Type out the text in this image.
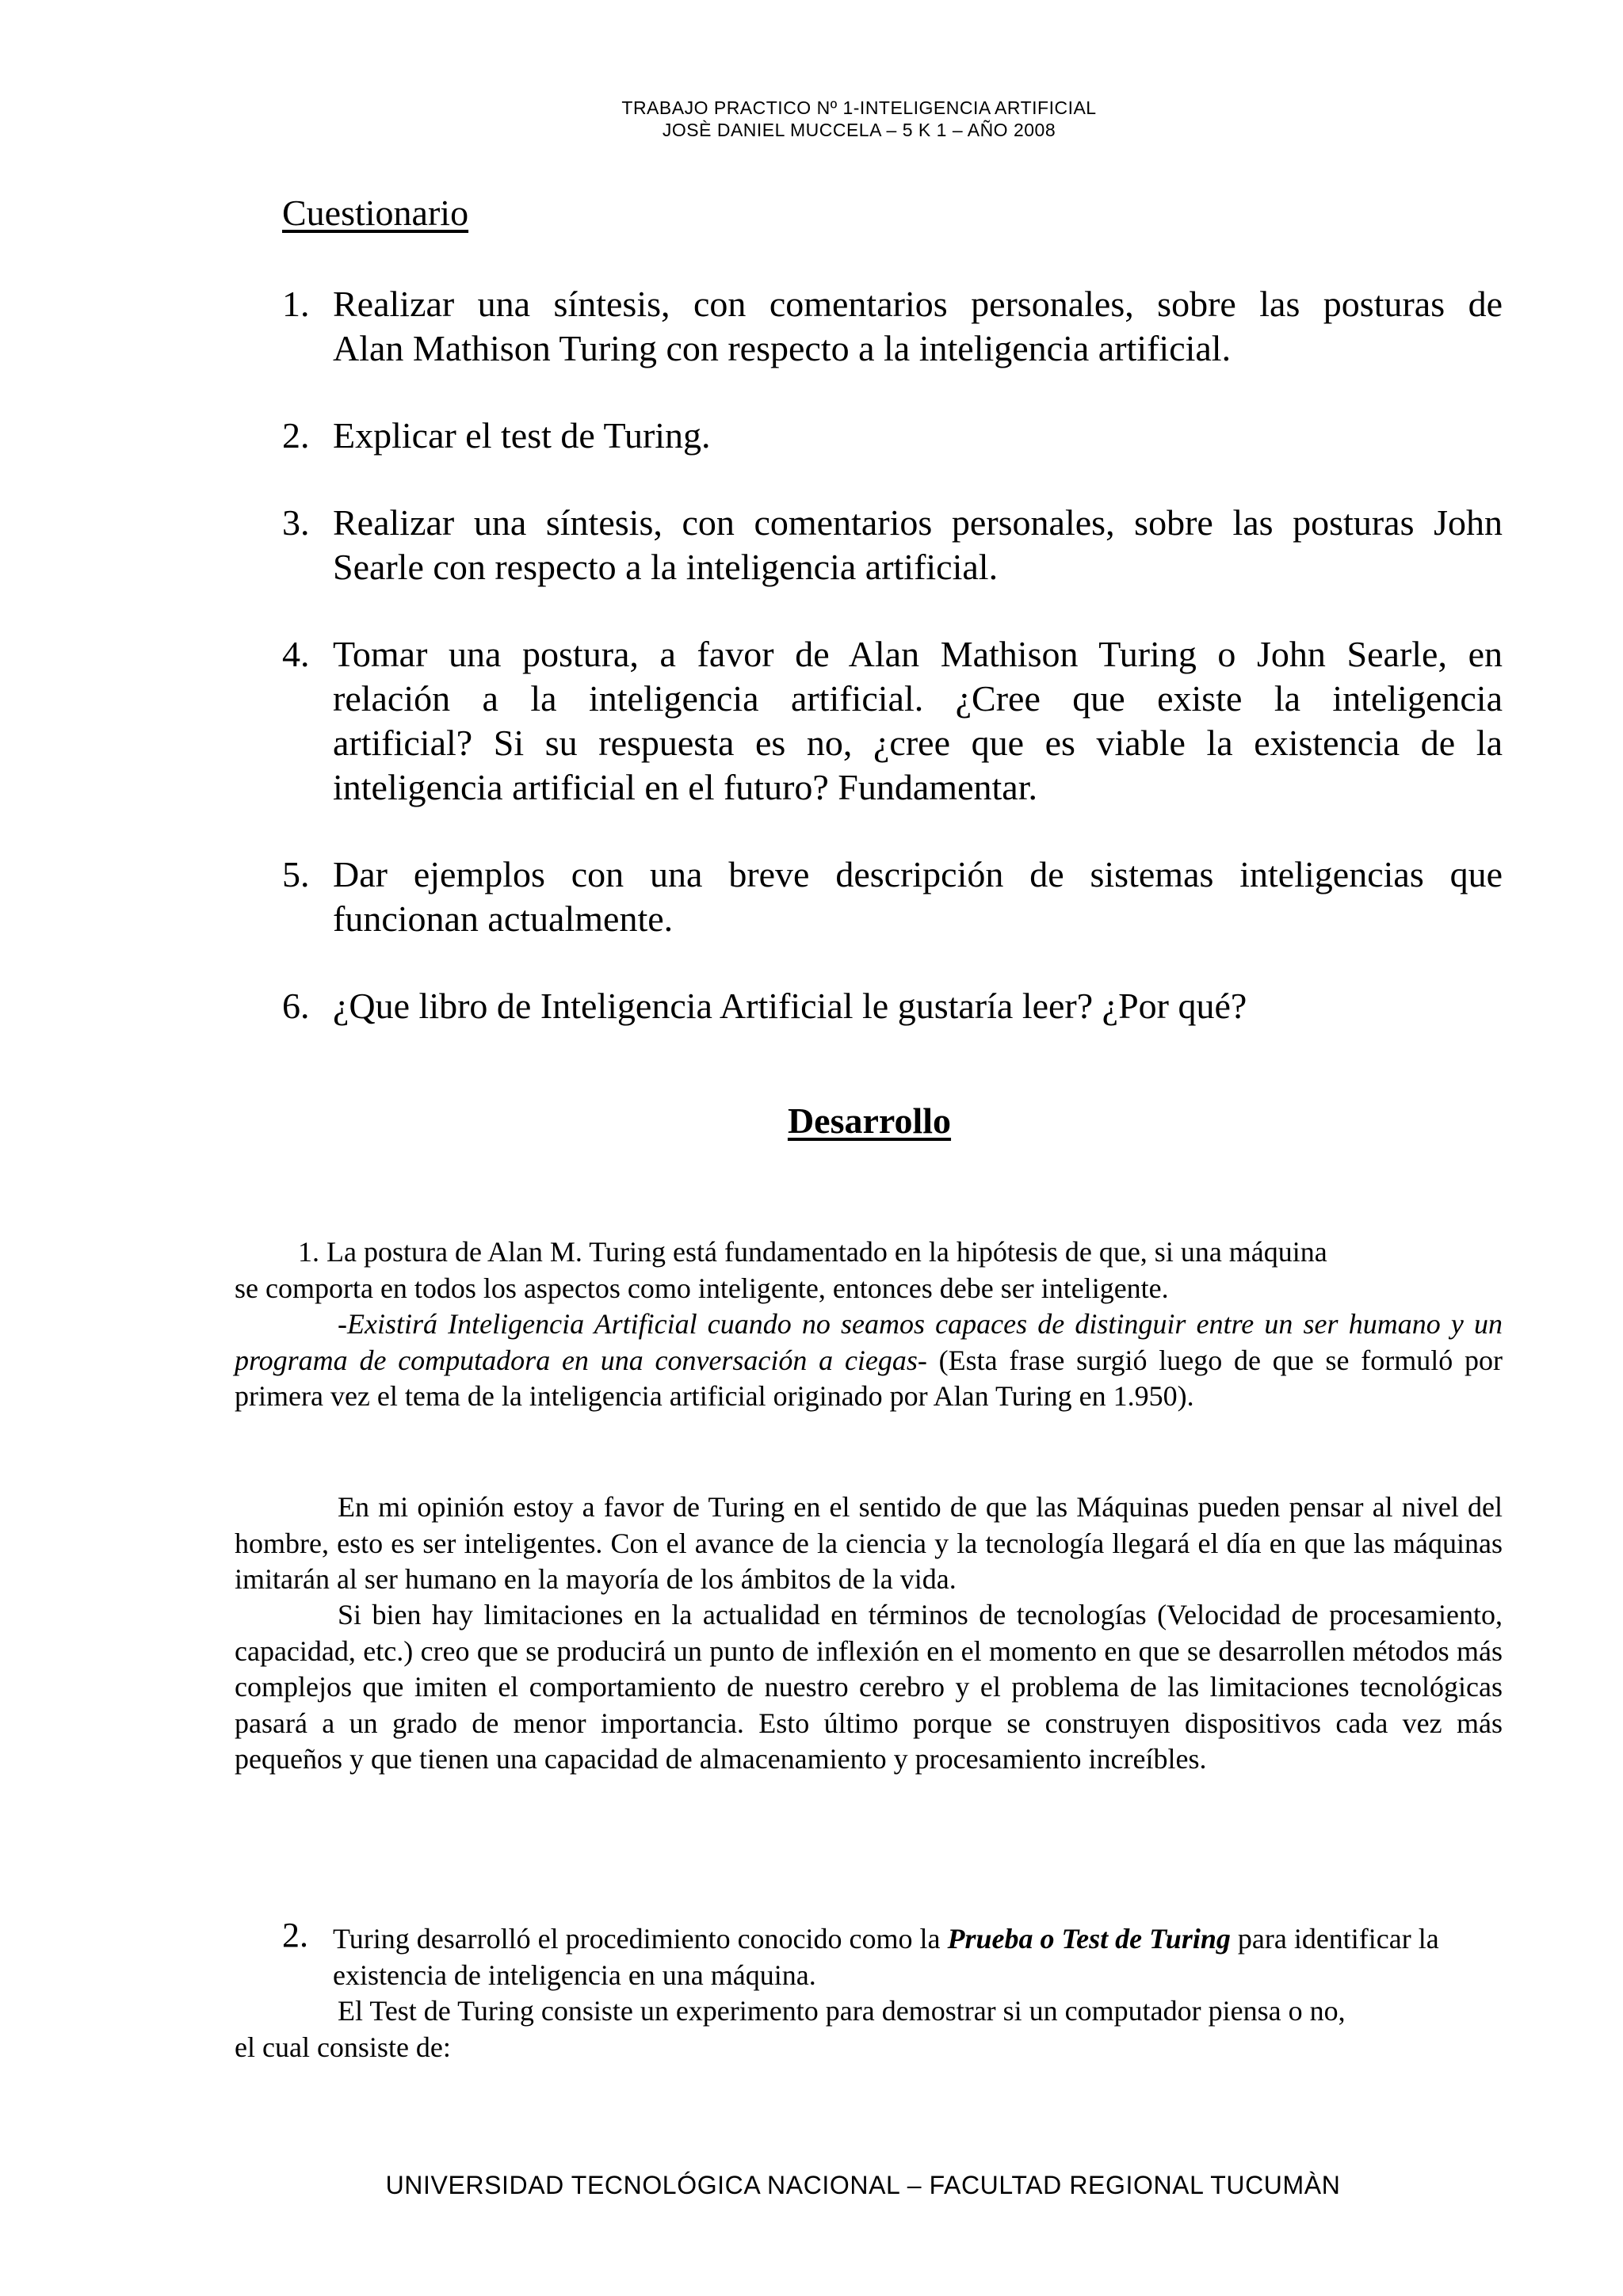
TRABAJO PRACTICO Nº 1-INTELIGENCIA ARTIFICIAL
JOSÈ DANIEL MUCCELA – 5 K 1 – AÑO 2008
Cuestionario
1. Realizar una síntesis, con comentarios personales, sobre las posturas de
Alan Mathison Turing con respecto a la inteligencia artificial.
2. Explicar el test de Turing.
3. Realizar una síntesis, con comentarios personales, sobre las posturas John
Searle con respecto a la inteligencia artificial.
4. Tomar una postura, a favor de Alan Mathison Turing o John Searle, en
relación a la inteligencia artificial. ¿Cree que existe la inteligencia
artificial? Si su respuesta es no, ¿cree que es viable la existencia de la
inteligencia artificial en el futuro? Fundamentar.
5. Dar ejemplos con una breve descripción de sistemas inteligencias que
funcionan actualmente.
6. ¿Que libro de Inteligencia Artificial le gustaría leer? ¿Por qué?
Desarrollo
1. La postura de Alan M. Turing está fundamentado en la hipótesis de que, si una máquina
se comporta en todos los aspectos como inteligente, entonces debe ser inteligente.
-Existirá Inteligencia Artificial cuando no seamos capaces de distinguir entre un ser humano y un programa de computadora en una conversación a ciegas- (Esta frase surgió luego de que se formuló por primera vez el tema de la inteligencia artificial originado por Alan Turing en 1.950).
En mi opinión estoy a favor de Turing en el sentido de que las Máquinas pueden pensar al nivel del hombre, esto es ser inteligentes. Con el avance de la ciencia y la tecnología llegará el día en que las máquinas imitarán al ser humano en la mayoría de los ámbitos de la vida.
Si bien hay limitaciones en la actualidad en términos de tecnologías (Velocidad de procesamiento, capacidad, etc.) creo que se producirá un punto de inflexión en el momento en que se desarrollen métodos más complejos que imiten el comportamiento de nuestro cerebro y el problema de las limitaciones tecnológicas pasará a un grado de menor importancia. Esto último porque se construyen dispositivos cada vez más pequeños y que tienen una capacidad de almacenamiento y procesamiento increíbles.
2. Turing desarrolló el procedimiento conocido como la Prueba o Test de Turing para identificar la existencia de inteligencia en una máquina.
El Test de Turing consiste un experimento para demostrar si un computador piensa o no,
el cual consiste de:
UNIVERSIDAD TECNOLÓGICA NACIONAL – FACULTAD REGIONAL TUCUMÀN
